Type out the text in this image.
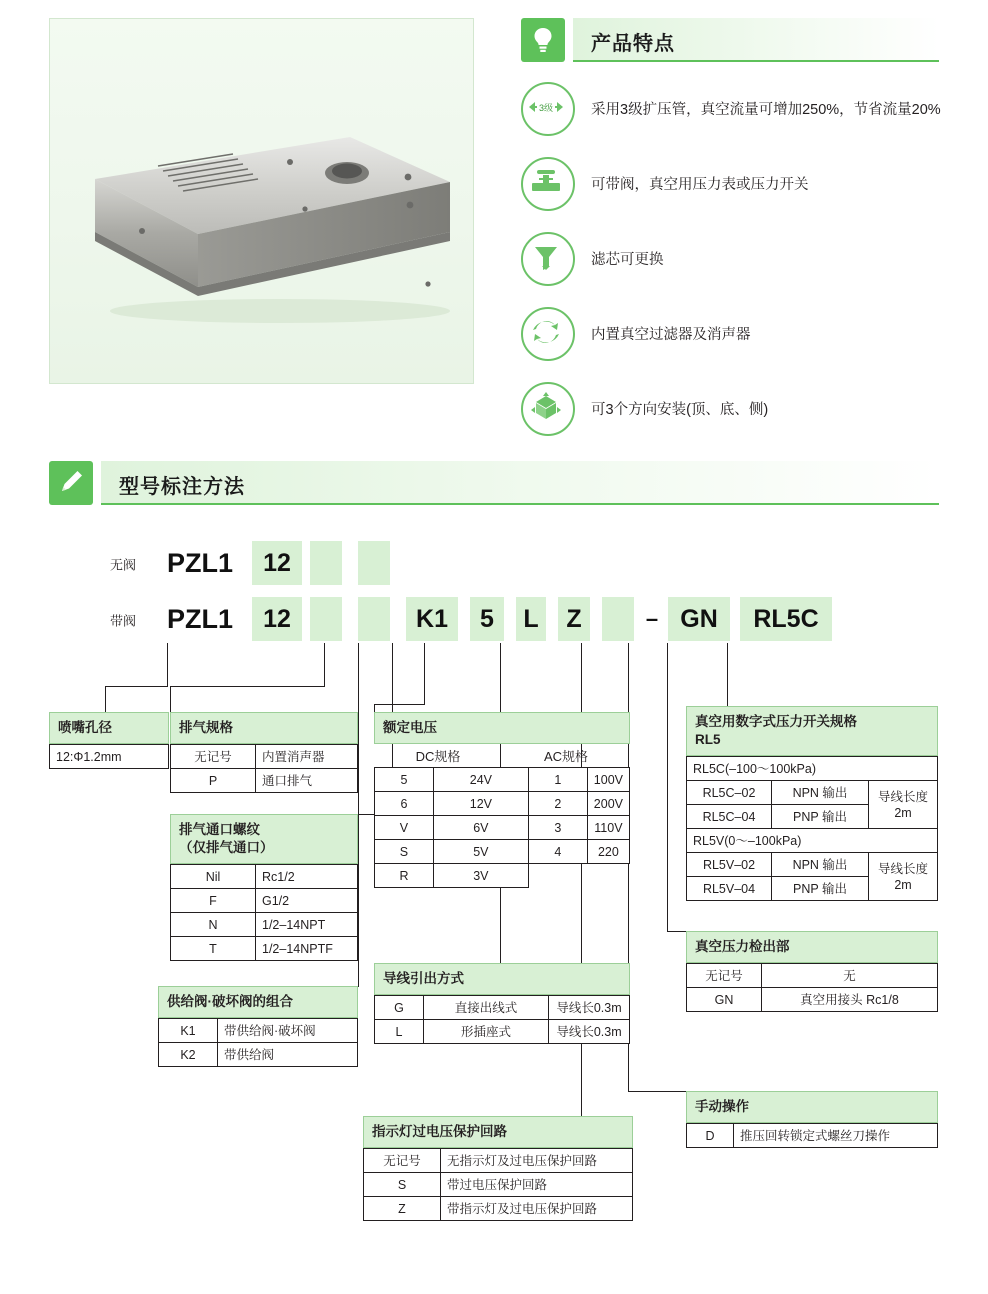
产品特点
3级	采用3级扩压管，真空流量可增加250%，节省流量20%
可带阀，真空用压力表或压力开关
滤芯可更换
内置真空过滤器及消声器
可3个方向安装(顶、底、侧)
型号标注方法
无阀	PZL1	12
带阀	PZL1	12	K1	5	L	Z	– GN	RL5C
喷嘴孔径
12:Φ1.2mm
排气规格
无记号	内置消声器
P	通口排气
排气通口螺纹
（仅排气通口）
Nil	Rc1/2
F	G1/2
N	1/2–14NPT
T	1/2–14NPTF
供给阀·破坏阀的组合
K1	带供给阀·破坏阀
K2	带供给阀
额定电压
DC规格	AC规格
5	24V	1	100V
6	12V	2	200V
V	6V	3	110V
S	5V	4	220
R	3V		
导线引出方式
G	直接出线式	导线长0.3m
L	形插座式	导线长0.3m
指示灯过电压保护回路
无记号	无指示灯及过电压保护回路
S	带过电压保护回路
Z	带指示灯及过电压保护回路
手动操作
D	推压回转锁定式螺丝刀操作
真空压力检出部
无记号	无
GN	真空用接头 Rc1/8
真空用数字式压力开关规格
RL5
RL5C(–100～100kPa)		
RL5C–02	NPN 输出	导线长度2m
RL5C–04	PNP 输出	
RL5V(0～–100kPa)		
RL5V–02	NPN 输出	导线长度2m
RL5V–04	PNP 输出	
